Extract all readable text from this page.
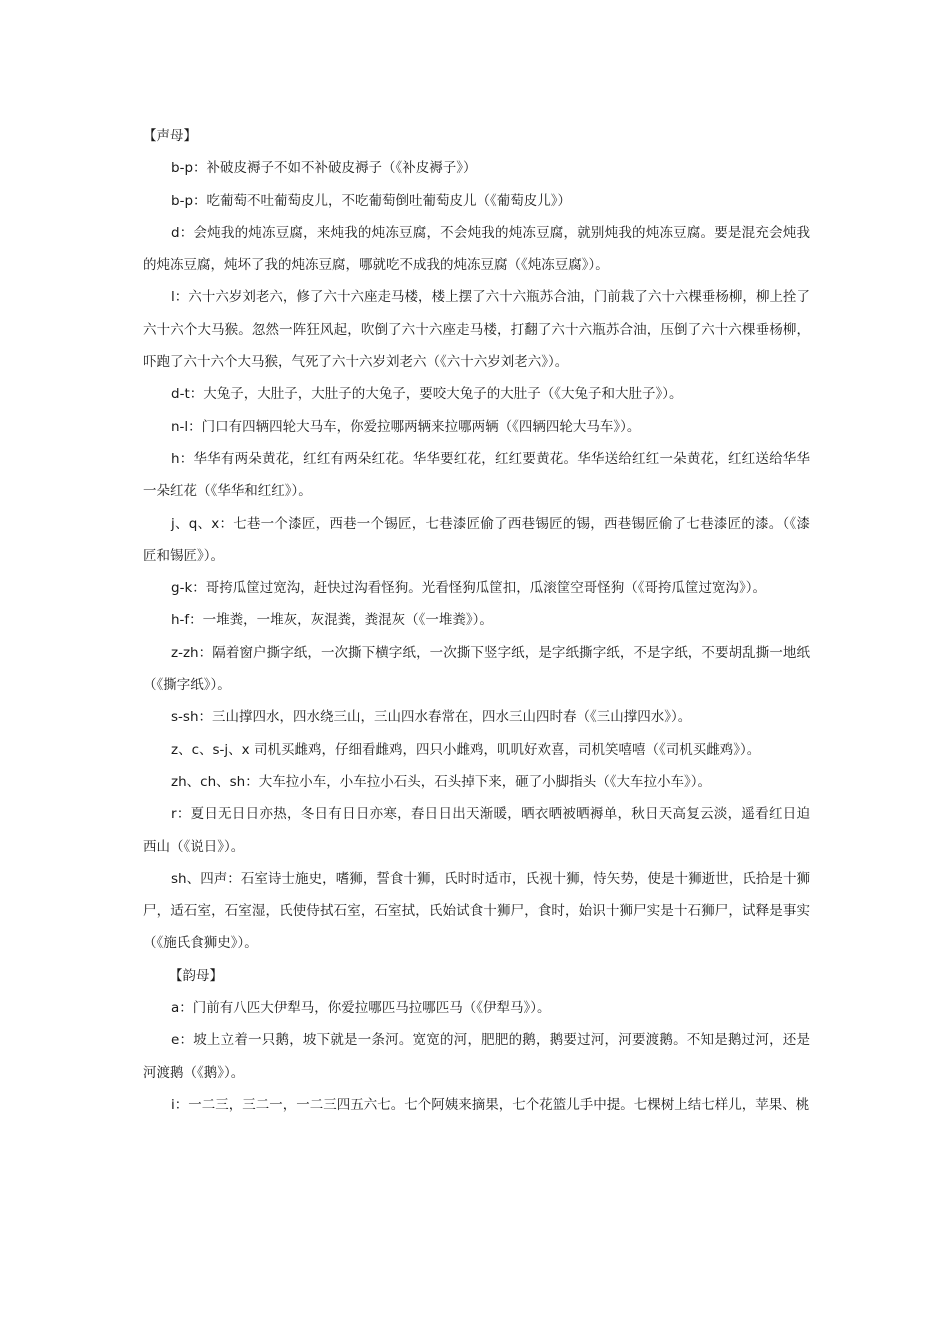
【声母】

b-p：补破皮褥子不如不补破皮褥子（《补皮褥子》）

b-p：吃葡萄不吐葡萄皮儿，不吃葡萄倒吐葡萄皮儿（《葡萄皮儿》）

d：会炖我的炖冻豆腐，来炖我的炖冻豆腐，不会炖我的炖冻豆腐，就别炖我的炖冻豆腐。要是混充会炖我的炖冻豆腐，炖坏了我的炖冻豆腐，哪就吃不成我的炖冻豆腐（《炖冻豆腐》）。

l：六十六岁刘老六，修了六十六座走马楼，楼上摆了六十六瓶苏合油，门前栽了六十六棵垂杨柳，柳上拴了六十六个大马猴。忽然一阵狂风起，吹倒了六十六座走马楼，打翻了六十六瓶苏合油，压倒了六十六棵垂杨柳，吓跑了六十六个大马猴，气死了六十六岁刘老六（《六十六岁刘老六》）。

d-t：大兔子，大肚子，大肚子的大兔子，要咬大兔子的大肚子（《大兔子和大肚子》）。

n-l：门口有四辆四轮大马车，你爱拉哪两辆来拉哪两辆（《四辆四轮大马车》）。

h：华华有两朵黄花，红红有两朵红花。华华要红花，红红要黄花。华华送给红红一朵黄花，红红送给华华一朵红花（《华华和红红》）。

j、q、x：七巷一个漆匠，西巷一个锡匠，七巷漆匠偷了西巷锡匠的锡，西巷锡匠偷了七巷漆匠的漆。（《漆匠和锡匠》）。

g-k：哥挎瓜筐过宽沟，赶快过沟看怪狗。光看怪狗瓜筐扣，瓜滚筐空哥怪狗（《哥挎瓜筐过宽沟》）。

h-f：一堆粪，一堆灰，灰混粪，粪混灰（《一堆粪》）。

z-zh：隔着窗户撕字纸，一次撕下横字纸，一次撕下竖字纸，是字纸撕字纸，不是字纸，不要胡乱撕一地纸（《撕字纸》）。

s-sh：三山撑四水，四水绕三山，三山四水春常在，四水三山四时春（《三山撑四水》）。

z、c、s-j、x 司机买雌鸡，仔细看雌鸡，四只小雌鸡，叽叽好欢喜，司机笑嘻嘻（《司机买雌鸡》）。

zh、ch、sh：大车拉小车，小车拉小石头，石头掉下来，砸了小脚指头（《大车拉小车》）。

r：夏日无日日亦热，冬日有日日亦寒，春日日出天渐暖，晒衣晒被晒褥单，秋日天高复云淡，遥看红日迫西山（《说日》）。

sh、四声：石室诗士施史，嗜狮，誓食十狮，氏时时适市，氏视十狮，恃矢势，使是十狮逝世，氏拾是十狮尸，适石室，石室湿，氏使侍拭石室，石室拭，氏始试食十狮尸，食时，始识十狮尸实是十石狮尸，试释是事实（《施氏食狮史》）。

【韵母】

a：门前有八匹大伊犁马，你爱拉哪匹马拉哪匹马（《伊犁马》）。

e：坡上立着一只鹅，坡下就是一条河。宽宽的河，肥肥的鹅，鹅要过河，河要渡鹅。不知是鹅过河，还是河渡鹅（《鹅》）。

i：一二三，三二一，一二三四五六七。七个阿姨来摘果，七个花篮儿手中提。七棵树上结七样儿，苹果、桃
